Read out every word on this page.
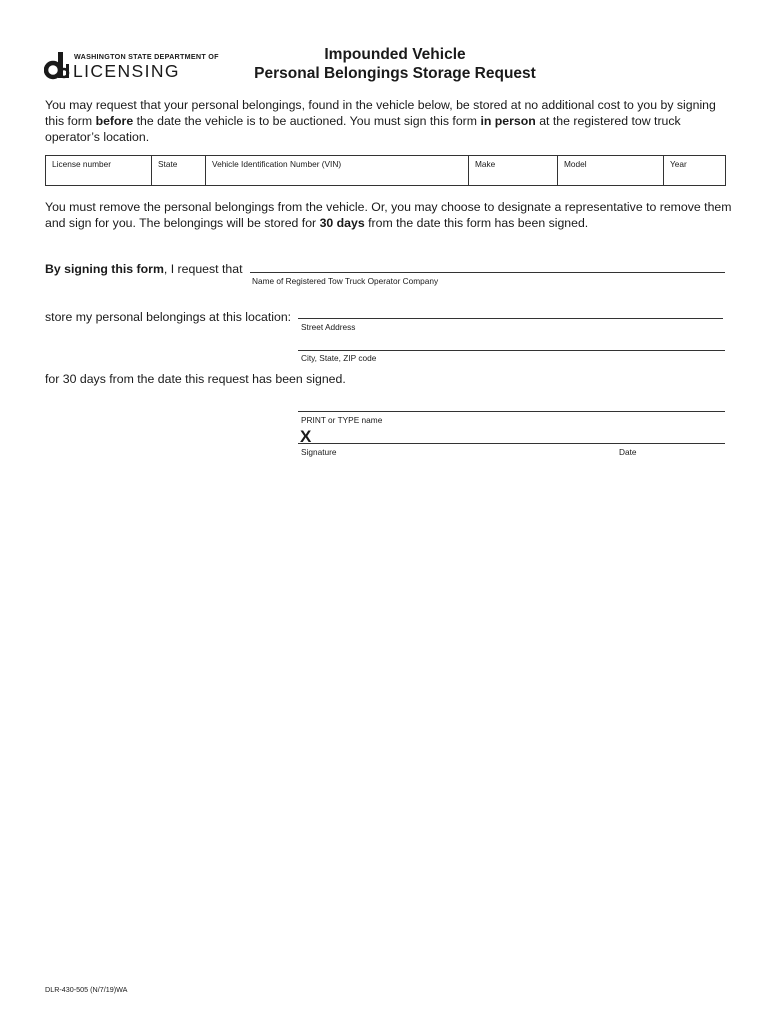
WASHINGTON STATE DEPARTMENT OF
LICENSING
Impounded Vehicle
Personal Belongings Storage Request
You may request that your personal belongings, found in the vehicle below, be stored at no additional cost to you by signing this form before the date the vehicle is to be auctioned. You must sign this form in person at the registered tow truck operator’s location.
License number	State	Vehicle Identification Number (VIN)	Make	Model	Year
You must remove the personal belongings from the vehicle. Or, you may choose to designate a representative to remove them and sign for you. The belongings will be stored for 30 days from the date this form has been signed.
By signing this form, I request that
Name of Registered Tow Truck Operator Company
store my personal belongings at this location:
Street Address
City, State, ZIP code
for 30 days from the date this request has been signed.
PRINT or TYPE name
X
Signature	Date
DLR-430-505 (N/7/19)WA
